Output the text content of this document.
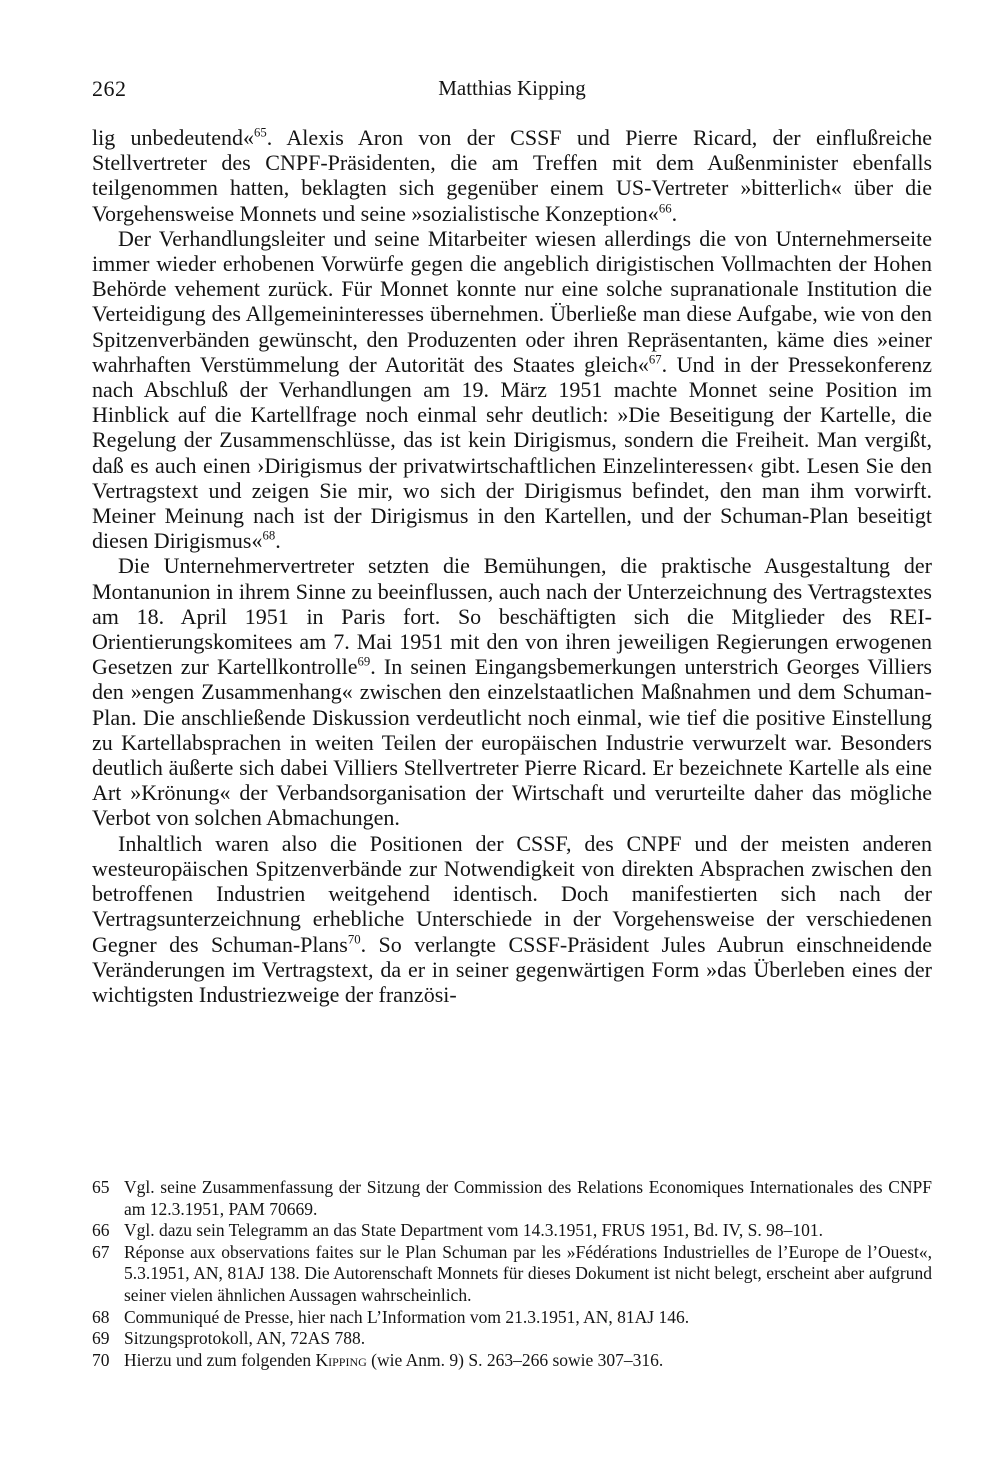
262	Matthias Kipping

lig unbedeutend«$^{65}$. Alexis Aron von der CSSF und Pierre Ricard, der einflußreiche Stellvertreter des CNPF-Präsidenten, die am Treffen mit dem Außenminister ebenfalls teilgenommen hatten, beklagten sich gegenüber einem US-Vertreter »bitterlich« über die Vorgehensweise Monnets und seine »sozialistische Konzeption«$^{66}$.

Der Verhandlungsleiter und seine Mitarbeiter wiesen allerdings die von Unternehmerseite immer wieder erhobenen Vorwürfe gegen die angeblich dirigistischen Vollmachten der Hohen Behörde vehement zurück. Für Monnet konnte nur eine solche supranationale Institution die Verteidigung des Allgemeininteresses übernehmen. Überließe man diese Aufgabe, wie von den Spitzenverbänden gewünscht, den Produzenten oder ihren Repräsentanten, käme dies »einer wahrhaften Verstümmelung der Autorität des Staates gleich«$^{67}$. Und in der Pressekonferenz nach Abschluß der Verhandlungen am 19. März 1951 machte Monnet seine Position im Hinblick auf die Kartellfrage noch einmal sehr deutlich: »Die Beseitigung der Kartelle, die Regelung der Zusammenschlüsse, das ist kein Dirigismus, sondern die Freiheit. Man vergißt, daß es auch einen ›Dirigismus der privatwirtschaftlichen Einzelinteressen‹ gibt. Lesen Sie den Vertragstext und zeigen Sie mir, wo sich der Dirigismus befindet, den man ihm vorwirft. Meiner Meinung nach ist der Dirigismus in den Kartellen, und der Schuman-Plan beseitigt diesen Dirigismus«$^{68}$.

Die Unternehmervertreter setzten die Bemühungen, die praktische Ausgestaltung der Montanunion in ihrem Sinne zu beeinflussen, auch nach der Unterzeichnung des Vertragstextes am 18. April 1951 in Paris fort. So beschäftigten sich die Mitglieder des REI-Orientierungskomitees am 7. Mai 1951 mit den von ihren jeweiligen Regierungen erwogenen Gesetzen zur Kartellkontrolle$^{69}$. In seinen Eingangsbemerkungen unterstrich Georges Villiers den »engen Zusammenhang« zwischen den einzelstaatlichen Maßnahmen und dem Schuman-Plan. Die anschließende Diskussion verdeutlicht noch einmal, wie tief die positive Einstellung zu Kartellabsprachen in weiten Teilen der europäischen Industrie verwurzelt war. Besonders deutlich äußerte sich dabei Villiers Stellvertreter Pierre Ricard. Er bezeichnete Kartelle als eine Art »Krönung« der Verbandsorganisation der Wirtschaft und verurteilte daher das mögliche Verbot von solchen Abmachungen.

Inhaltlich waren also die Positionen der CSSF, des CNPF und der meisten anderen westeuropäischen Spitzenverbände zur Notwendigkeit von direkten Absprachen zwischen den betroffenen Industrien weitgehend identisch. Doch manifestierten sich nach der Vertragsunterzeichnung erhebliche Unterschiede in der Vorgehensweise der verschiedenen Gegner des Schuman-Plans$^{70}$. So verlangte CSSF-Präsident Jules Aubrun einschneidende Veränderungen im Vertragstext, da er in seiner gegenwärtigen Form »das Überleben eines der wichtigsten Industriezweige der französi-

65 Vgl. seine Zusammenfassung der Sitzung der Commission des Relations Economiques Internationales des CNPF am 12.3.1951, PAM 70669.

66 Vgl. dazu sein Telegramm an das State Department vom 14.3.1951, FRUS 1951, Bd. IV, S. 98–101.

67 Réponse aux observations faites sur le Plan Schuman par les »Fédérations Industrielles de l’Europe de l’Ouest«, 5.3.1951, AN, 81AJ 138. Die Autorenschaft Monnets für dieses Dokument ist nicht belegt, erscheint aber aufgrund seiner vielen ähnlichen Aussagen wahrscheinlich.

68 Communiqué de Presse, hier nach L’Information vom 21.3.1951, AN, 81AJ 146.

69 Sitzungsprotokoll, AN, 72AS 788.

70 Hierzu und zum folgenden Kipping (wie Anm. 9) S. 263–266 sowie 307–316.
